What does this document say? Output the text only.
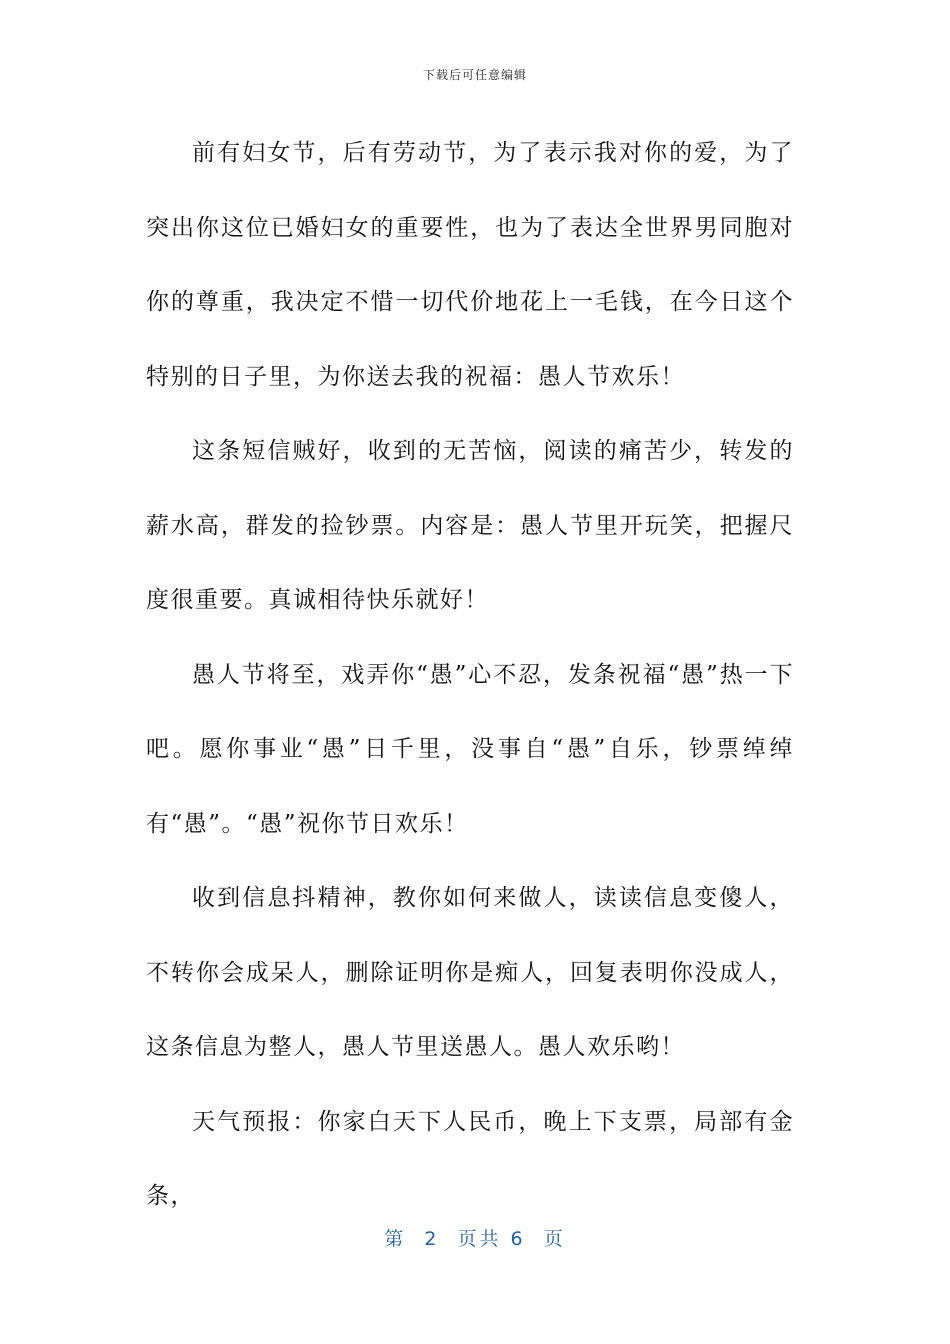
下载后可任意编辑

前有妇女节，后有劳动节，为了表示我对你的爱，为了突出你这位已婚妇女的重要性，也为了表达全世界男同胞对你的尊重，我决定不惜一切代价地花上一毛钱，在今日这个特别的日子里，为你送去我的祝福：愚人节欢乐！

这条短信贼好，收到的无苦恼，阅读的痛苦少，转发的薪水高，群发的捡钞票。内容是：愚人节里开玩笑，把握尺度很重要。真诚相待快乐就好！

愚人节将至，戏弄你“愚”心不忍，发条祝福“愚”热一下吧。愿你事业“愚”日千里，没事自“愚”自乐，钞票绰绰有“愚”。“愚”祝你节日欢乐！

收到信息抖精神，教你如何来做人，读读信息变傻人，不转你会成呆人，删除证明你是痴人，回复表明你没成人，这条信息为整人，愚人节里送愚人。愚人欢乐哟！

天气预报：你家白天下人民币，晚上下支票，局部有金条，

第  2  页共 6  页
